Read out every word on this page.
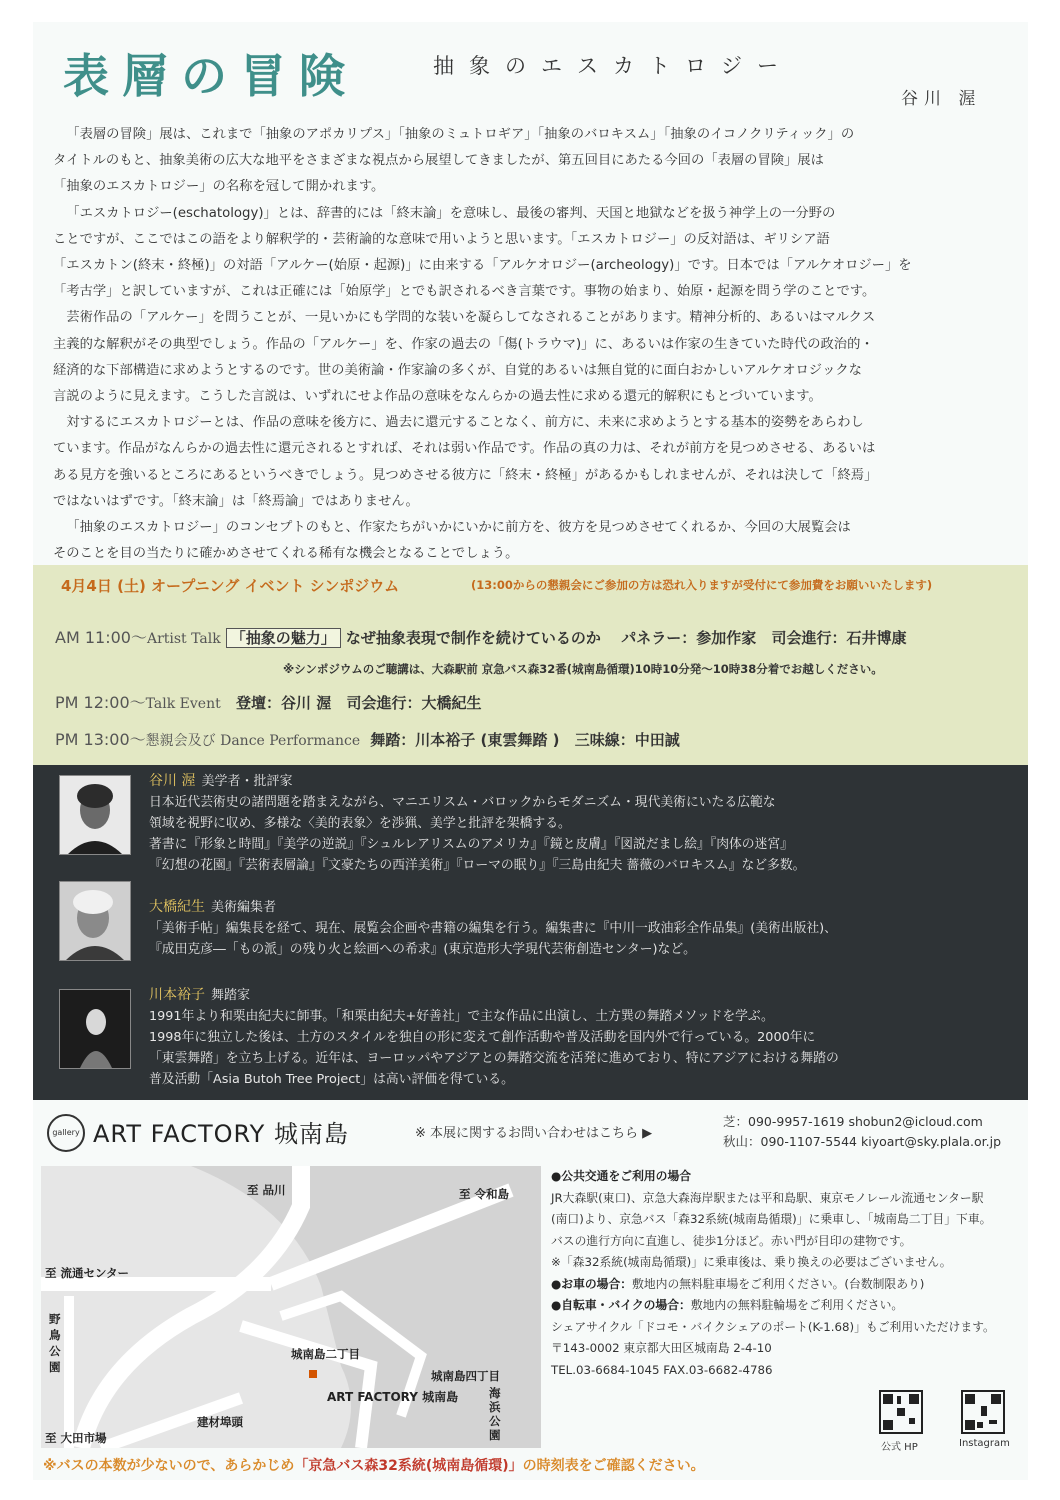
表層の冒険	抽象のエスカトロジー
谷川 渥

「表層の冒険」展は、これまで「抽象のアポカリプス」「抽象のミュトロギア」「抽象のバロキスム」「抽象のイコノクリティック」の

タイトルのもと、抽象美術の広大な地平をさまざまな視点から展望してきましたが、第五回目にあたる今回の「表層の冒険」展は

「抽象のエスカトロジー」の名称を冠して開かれます。

「エスカトロジー(eschatology)」とは、辞書的には「終末論」を意味し、最後の審判、天国と地獄などを扱う神学上の一分野の

ことですが、ここではこの語をより解釈学的・芸術論的な意味で用いようと思います。「エスカトロジー」の反対語は、ギリシア語

「エスカトン(終末・終極)」の対語「アルケー(始原・起源)」に由来する「アルケオロジー(archeology)」です。日本では「アルケオロジー」を

「考古学」と訳していますが、これは正確には「始原学」とでも訳されるべき言葉です。事物の始まり、始原・起源を問う学のことです。

芸術作品の「アルケー」を問うことが、一見いかにも学問的な装いを凝らしてなされることがあります。精神分析的、あるいはマルクス

主義的な解釈がその典型でしょう。作品の「アルケー」を、作家の過去の「傷(トラウマ)」に、あるいは作家の生きていた時代の政治的・

経済的な下部構造に求めようとするのです。世の美術論・作家論の多くが、自覚的あるいは無自覚的に面白おかしいアルケオロジックな

言説のように見えます。こうした言説は、いずれにせよ作品の意味をなんらかの過去性に求める還元的解釈にもとづいています。

対するにエスカトロジーとは、作品の意味を後方に、過去に還元することなく、前方に、未来に求めようとする基本的姿勢をあらわし

ています。作品がなんらかの過去性に還元されるとすれば、それは弱い作品です。作品の真の力は、それが前方を見つめさせる、あるいは

ある見方を強いるところにあるというべきでしょう。見つめさせる彼方に「終末・終極」があるかもしれませんが、それは決して「終焉」

ではないはずです。「終末論」は「終焉論」ではありません。

「抽象のエスカトロジー」のコンセプトのもと、作家たちがいかにいかに前方を、彼方を見つめさせてくれるか、今回の大展覧会は

そのことを目の当たりに確かめさせてくれる稀有な機会となることでしょう。

4月4日 (土) オープニング イベント シンポジウム	(13:00からの懇親会にご参加の方は恐れ入りますが受付にて参加費をお願いいたします)
AM 11:00〜Artist Talk 「抽象の魅力」 なぜ抽象表現で制作を続けているのか パネラー：参加作家 司会進行：石井博康
※シンポジウムのご聴講は、大森駅前 京急バス森32番(城南島循環)10時10分発〜10時38分着でお越しください。
PM 12:00〜Talk Event 登壇：谷川 渥 司会進行：大橋紀生
PM 13:00〜懇親会及び Dance Performance 舞踏：川本裕子 (東雲舞踏 ) 三味線：中田誠
谷川 渥 美学者・批評家
日本近代芸術史の諸問題を踏まえながら、マニエリスム・バロックからモダニズム・現代美術にいたる広範な
領域を視野に収め、多様な〈美的表象〉を渉猟、美学と批評を架橋する。
著書に『形象と時間』『美学の逆説』『シュルレアリスムのアメリカ』『鏡と皮膚』『図説だまし絵』『肉体の迷宮』
『幻想の花園』『芸術表層論』『文豪たちの西洋美術』『ローマの眠り』『三島由紀夫 薔薇のバロキスム』など多数。
大橋紀生 美術編集者
「美術手帖」編集長を経て、現在、展覧会企画や書籍の編集を行う。編集書に『中川一政油彩全作品集』(美術出版社)、
『成田克彦―「もの派」の残り火と絵画への希求』(東京造形大学現代芸術創造センター)など。
川本裕子 舞踏家
1991年より和栗由紀夫に師事。「和栗由紀夫+好善社」で主な作品に出演し、土方巽の舞踏メソッドを学ぶ。
1998年に独立した後は、土方のスタイルを独自の形に変えて創作活動や普及活動を国内外で行っている。2000年に
「東雲舞踏」を立ち上げる。近年は、ヨーロッパやアジアとの舞踏交流を活発に進めており、特にアジアにおける舞踏の
普及活動「Asia Butoh Tree Project」は高い評価を得ている。
gallery ART FACTORY 城南島	※ 本展に関するお問い合わせはこちら ▶
芝：090-9957-1619 shobun2@icloud.com
秋山：090-1107-5544 kiyoart@sky.plala.or.jp
至 品川	至 令和島
至 流通センター
野鳥公園
城南島二丁目
城南島四丁目
ART FACTORY 城南島	海浜公園
建材埠頭
至 大田市場
●公共交通をご利用の場合
JR大森駅(東口)、京急大森海岸駅または平和島駅、東京モノレール流通センター駅
(南口)より、京急バス「森32系統(城南島循環)」に乗車し、「城南島二丁目」下車。
バスの進行方向に直進し、徒歩1分ほど。赤い門が目印の建物です。
※「森32系統(城南島循環)」に乗車後は、乗り換えの必要はございません。
●お車の場合：敷地内の無料駐車場をご利用ください。(台数制限あり)
●自転車・バイクの場合：敷地内の無料駐輪場をご利用ください。
シェアサイクル「ドコモ・バイクシェアのポート(K-1.68)」もご利用いただけます。
〒143-0002 東京都大田区城南島 2-4-10
TEL.03-6684-1045 FAX.03-6682-4786
公式 HP	Instagram
※バスの本数が少ないので、あらかじめ「京急バス森32系統(城南島循環)」の時刻表をご確認ください。
